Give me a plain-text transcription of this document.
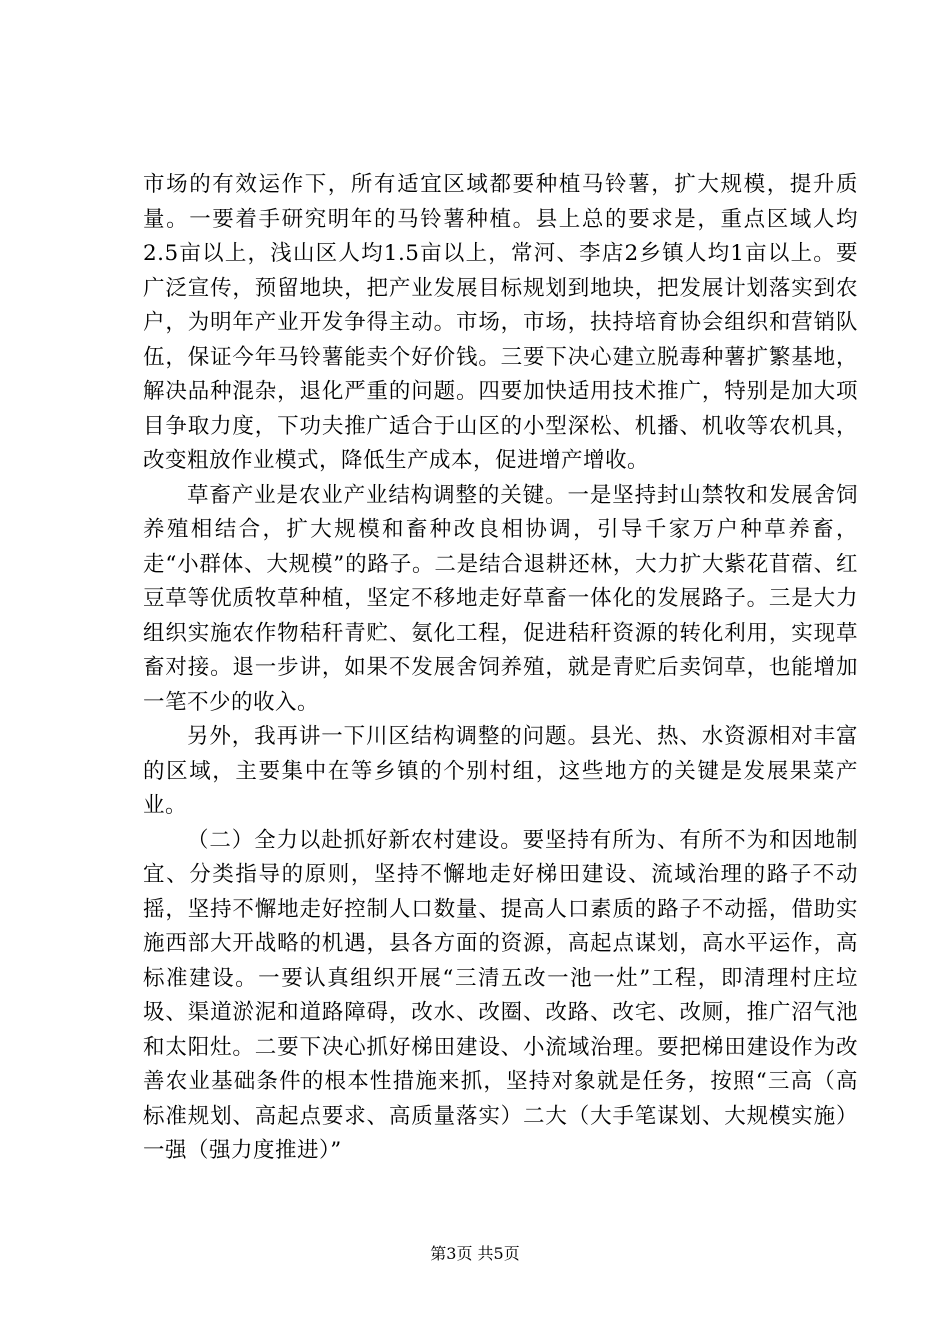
市场的有效运作下，所有适宜区域都要种植马铃薯，扩大规模，提升质量。一要着手研究明年的马铃薯种植。县上总的要求是，重点区域人均2.5亩以上，浅山区人均1.5亩以上，常河、李店2乡镇人均1亩以上。要广泛宣传，预留地块，把产业发展目标规划到地块，把发展计划落实到农户，为明年产业开发争得主动。市场，市场，扶持培育协会组织和营销队伍，保证今年马铃薯能卖个好价钱。三要下决心建立脱毒种薯扩繁基地，解决品种混杂，退化严重的问题。四要加快适用技术推广，特别是加大项目争取力度，下功夫推广适合于山区的小型深松、机播、机收等农机具，改变粗放作业模式，降低生产成本，促进增产增收。

草畜产业是农业产业结构调整的关键。一是坚持封山禁牧和发展舍饲养殖相结合，扩大规模和畜种改良相协调，引导千家万户种草养畜，走“小群体、大规模”的路子。二是结合退耕还林，大力扩大紫花苜蓿、红豆草等优质牧草种植，坚定不移地走好草畜一体化的发展路子。三是大力组织实施农作物秸秆青贮、氨化工程，促进秸秆资源的转化利用，实现草畜对接。退一步讲，如果不发展舍饲养殖，就是青贮后卖饲草，也能增加一笔不少的收入。

另外，我再讲一下川区结构调整的问题。县光、热、水资源相对丰富的区域，主要集中在等乡镇的个别村组，这些地方的关键是发展果菜产业。

（二）全力以赴抓好新农村建设。要坚持有所为、有所不为和因地制宜、分类指导的原则，坚持不懈地走好梯田建设、流域治理的路子不动摇，坚持不懈地走好控制人口数量、提高人口素质的路子不动摇，借助实施西部大开战略的机遇，县各方面的资源，高起点谋划，高水平运作，高标准建设。一要认真组织开展“三清五改一池一灶”工程，即清理村庄垃圾、渠道淤泥和道路障碍，改水、改圈、改路、改宅、改厕，推广沼气池和太阳灶。二要下决心抓好梯田建设、小流域治理。要把梯田建设作为改善农业基础条件的根本性措施来抓，坚持对象就是任务，按照“三高（高标准规划、高起点要求、高质量落实）二大（大手笔谋划、大规模实施）一强（强力度推进）”

第3页 共5页
